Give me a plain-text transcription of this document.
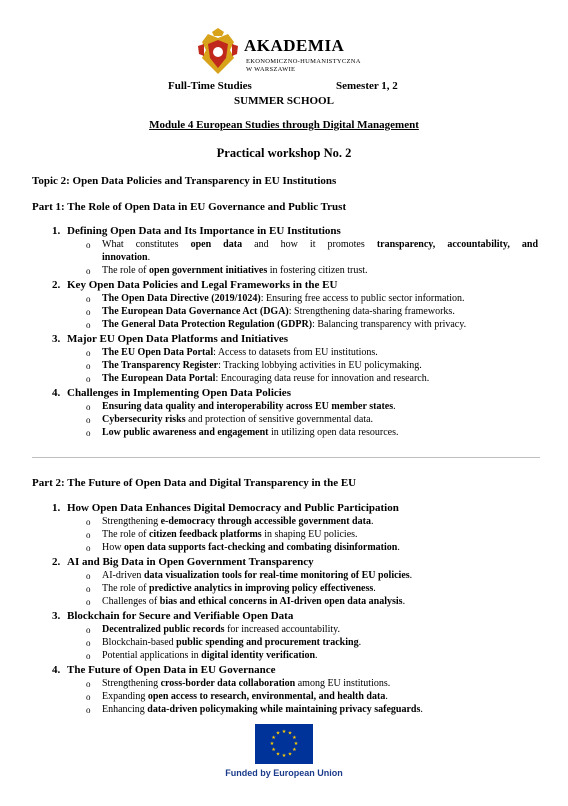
AKADEMIA
EKONOMICZNO-HUMANISTYCZNA
W WARSZAWIE
Full-Time Studies	Semester 1, 2
SUMMER SCHOOL
Module 4 European Studies through Digital Management
Practical workshop No. 2
Topic 2: Open Data Policies and Transparency in EU Institutions
Part 1: The Role of Open Data in EU Governance and Public Trust
1. Defining Open Data and Its Importance in EU Institutions
o What constitutes open data and how it promotes transparency, accountability, and
innovation.
o The role of open government initiatives in fostering citizen trust.
2. Key Open Data Policies and Legal Frameworks in the EU
o The Open Data Directive (2019/1024): Ensuring free access to public sector information.
o The European Data Governance Act (DGA): Strengthening data-sharing frameworks.
o The General Data Protection Regulation (GDPR): Balancing transparency with privacy.
3. Major EU Open Data Platforms and Initiatives
o The EU Open Data Portal: Access to datasets from EU institutions.
o The Transparency Register: Tracking lobbying activities in EU policymaking.
o The European Data Portal: Encouraging data reuse for innovation and research.
4. Challenges in Implementing Open Data Policies
o Ensuring data quality and interoperability across EU member states.
o Cybersecurity risks and protection of sensitive governmental data.
o Low public awareness and engagement in utilizing open data resources.
Part 2: The Future of Open Data and Digital Transparency in the EU
1. How Open Data Enhances Digital Democracy and Public Participation
o Strengthening e-democracy through accessible government data.
o The role of citizen feedback platforms in shaping EU policies.
o How open data supports fact-checking and combating disinformation.
2. AI and Big Data in Open Government Transparency
o AI-driven data visualization tools for real-time monitoring of EU policies.
o The role of predictive analytics in improving policy effectiveness.
o Challenges of bias and ethical concerns in AI-driven open data analysis.
3. Blockchain for Secure and Verifiable Open Data
o Decentralized public records for increased accountability.
o Blockchain-based public spending and procurement tracking.
o Potential applications in digital identity verification.
4. The Future of Open Data in EU Governance
o Strengthening cross-border data collaboration among EU institutions.
o Expanding open access to research, environmental, and health data.
o Enhancing data-driven policymaking while maintaining privacy safeguards.
★ ★
★
★
★
★
★
★
★
★
★
★
Funded by European Union
